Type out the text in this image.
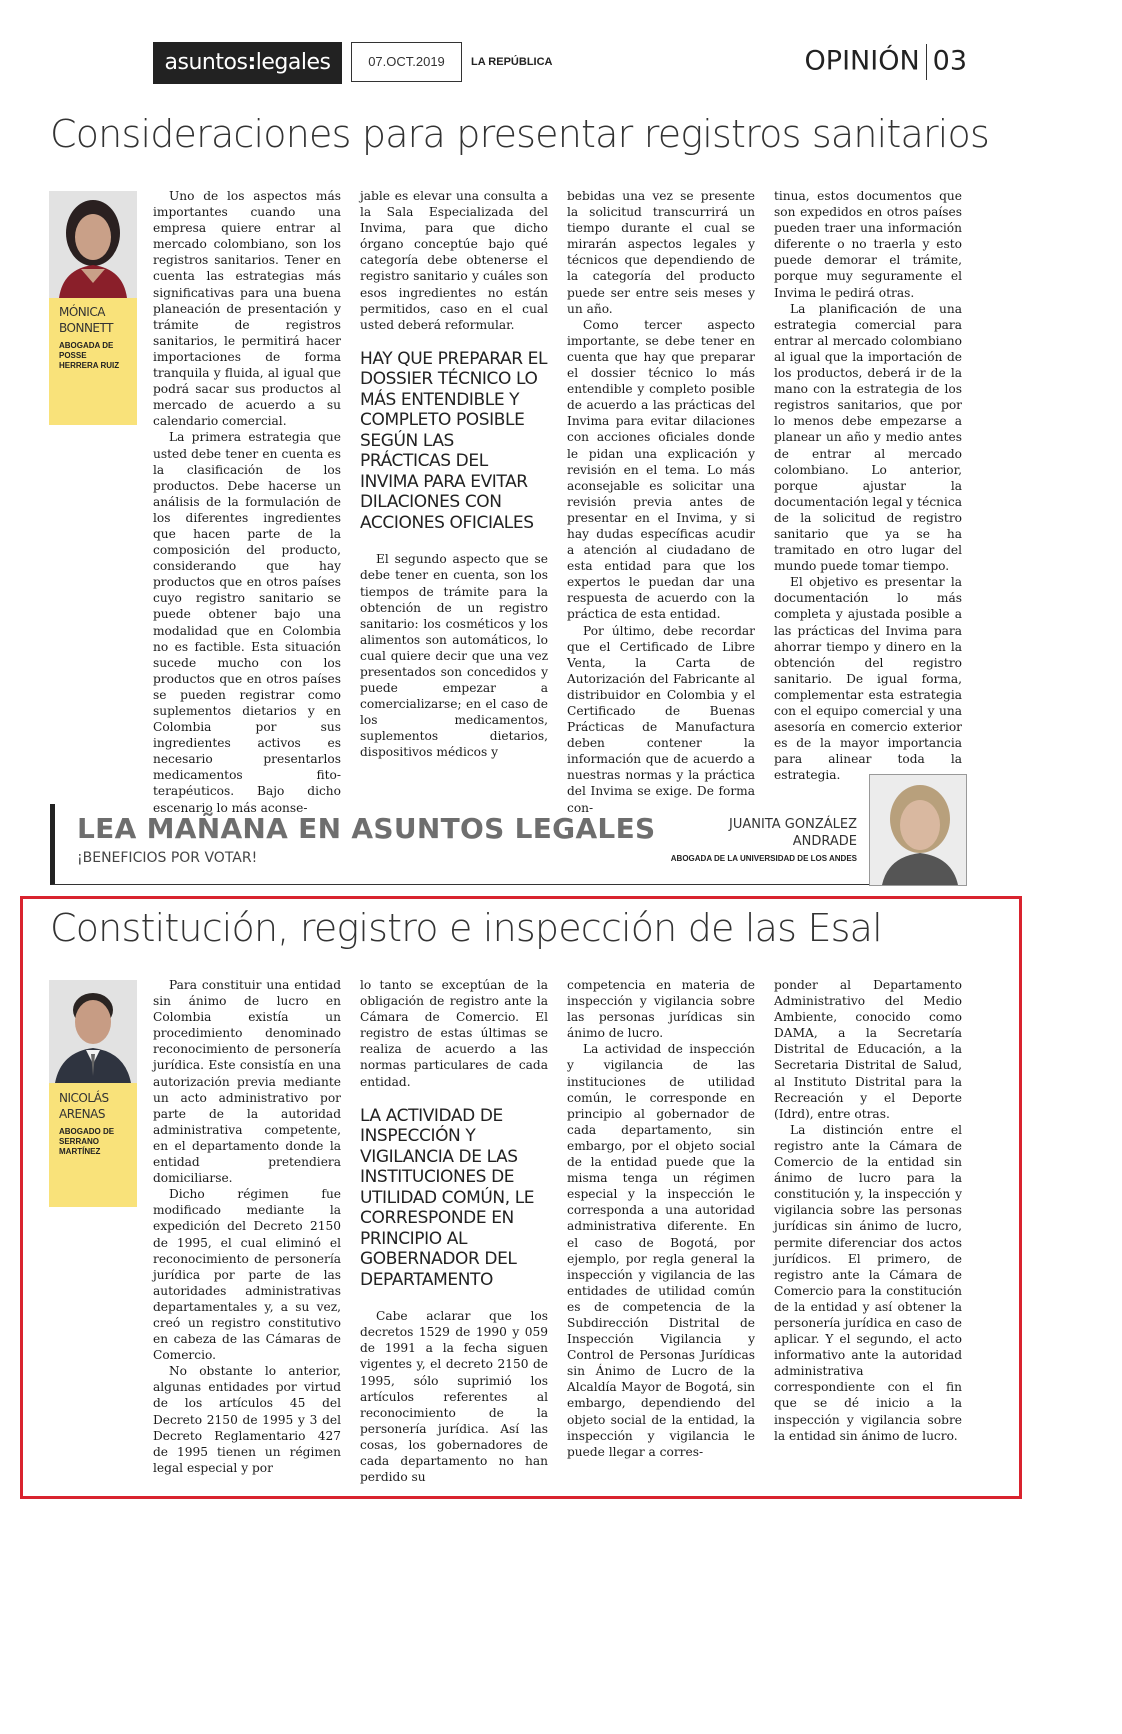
asuntos:legales	07.OCT.2019	LA REPÚBLICA	OPINIÓN 03
Consideraciones para presentar registros sanitarios
MÓNICA
BONNETT
ABOGADA DE POSSE HERRERA RUIZ

Uno de los aspectos más importantes cuando una empresa quiere entrar al mercado colombiano, son los registros sanitarios. Tener en cuenta las estrategias más significativas para una buena planeación de presentación y trámite de registros sanitarios, le permitirá hacer importaciones de forma tranquila y fluida, al igual que podrá sacar sus productos al mercado de acuerdo a su calendario comercial.

La primera estrategia que usted debe tener en cuenta es la clasificación de los productos. Debe hacerse un análisis de la formulación de los diferentes ingredientes que hacen parte de la composición del producto, considerando que hay productos que en otros países cuyo registro sanitario se puede obtener bajo una modalidad que en Colombia no es factible. Esta situación sucede mucho con los productos que en otros países se pueden registrar como suplementos dietarios y en Colombia por sus ingredientes activos es necesario presentarlos medicamentos fito-terapéuticos. Bajo dicho escenario lo más aconse-

jable es elevar una consulta a la Sala Especializada del Invima, para que dicho órgano conceptúe bajo qué categoría debe obtenerse el registro sanitario y cuáles son esos ingredientes no están permitidos, caso en el cual usted deberá reformular.

HAY QUE PREPARAR EL DOSSIER TÉCNICO LO MÁS ENTENDIBLE Y COMPLETO POSIBLE SEGÚN LAS PRÁCTICAS DEL INVIMA PARA EVITAR DILACIONES CON ACCIONES OFICIALES

El segundo aspecto que se debe tener en cuenta, son los tiempos de trámite para la obtención de un registro sanitario: los cosméticos y los alimentos son automáticos, lo cual quiere decir que una vez presentados son concedidos y puede empezar a comercializarse; en el caso de los medicamentos, suplementos dietarios, dispositivos médicos y

bebidas una vez se presente la solicitud transcurrirá un tiempo durante el cual se mirarán aspectos legales y técnicos que dependiendo de la categoría del producto puede ser entre seis meses y un año.

Como tercer aspecto importante, se debe tener en cuenta que hay que preparar el dossier técnico lo más entendible y completo posible de acuerdo a las prácticas del Invima para evitar dilaciones con acciones oficiales donde le pidan una explicación y revisión en el tema. Lo más aconsejable es solicitar una revisión previa antes de presentar en el Invima, y si hay dudas específicas acudir a atención al ciudadano de esta entidad para que los expertos le puedan dar una respuesta de acuerdo con la práctica de esta entidad.

Por último, debe recordar que el Certificado de Libre Venta, la Carta de Autorización del Fabricante al distribuidor en Colombia y el Certificado de Buenas Prácticas de Manufactura deben contener la información que de acuerdo a nuestras normas y la práctica del Invima se exige. De forma con-

tinua, estos documentos que son expedidos en otros países pueden traer una información diferente o no traerla y esto puede demorar el trámite, porque muy seguramente el Invima le pedirá otras.

La planificación de una estrategia comercial para entrar al mercado colombiano al igual que la importación de los productos, deberá ir de la mano con la estrategia de los registros sanitarios, que por lo menos debe empezarse a planear un año y medio antes de entrar al mercado colombiano. Lo anterior, porque ajustar la documentación legal y técnica de la solicitud de registro sanitario que ya se ha tramitado en otro lugar del mundo puede tomar tiempo.

El objetivo es presentar la documentación lo más completa y ajustada posible a las prácticas del Invima para ahorrar tiempo y dinero en la obtención del registro sanitario. De igual forma, complementar esta estrategia con el equipo comercial y una asesoría en comercio exterior es de la mayor importancia para alinear toda la estrategia.

LEA MAÑANA EN ASUNTOS LEGALES
¡BENEFICIOS POR VOTAR!
JUANITA GONZÁLEZ
ANDRADE
ABOGADA DE LA UNIVERSIDAD DE LOS ANDES
Constitución, registro e inspección de las Esal
NICOLÁS
ARENAS
ABOGADO DE SERRANO MARTÍNEZ

Para constituir una entidad sin ánimo de lucro en Colombia existía un procedimiento denominado reconocimiento de personería jurídica. Este consistía en una autorización previa mediante un acto administrativo por parte de la autoridad administrativa competente, en el departamento donde la entidad pretendiera domiciliarse.

Dicho régimen fue modificado mediante la expedición del Decreto 2150 de 1995, el cual eliminó el reconocimiento de personería jurídica por parte de las autoridades administrativas departamentales y, a su vez, creó un registro constitutivo en cabeza de las Cámaras de Comercio.

No obstante lo anterior, algunas entidades por virtud de los artículos 45 del Decreto 2150 de 1995 y 3 del Decreto Reglamentario 427 de 1995 tienen un régimen legal especial y por

lo tanto se exceptúan de la obligación de registro ante la Cámara de Comercio. El registro de estas últimas se realiza de acuerdo a las normas particulares de cada entidad.

LA ACTIVIDAD DE INSPECCIÓN Y VIGILANCIA DE LAS INSTITUCIONES DE UTILIDAD COMÚN, LE CORRESPONDE EN PRINCIPIO AL GOBERNADOR DEL DEPARTAMENTO

Cabe aclarar que los decretos 1529 de 1990 y 059 de 1991 a la fecha siguen vigentes y, el decreto 2150 de 1995, sólo suprimió los artículos referentes al reconocimiento de la personería jurídica. Así las cosas, los gobernadores de cada departamento no han perdido su

competencia en materia de inspección y vigilancia sobre las personas jurídicas sin ánimo de lucro.

La actividad de inspección y vigilancia de las instituciones de utilidad común, le corresponde en principio al gobernador de cada departamento, sin embargo, por el objeto social de la entidad puede que la misma tenga un régimen especial y la inspección le corresponda a una autoridad administrativa diferente. En el caso de Bogotá, por ejemplo, por regla general la inspección y vigilancia de las entidades de utilidad común es de competencia de la Subdirección Distrital de Inspección Vigilancia y Control de Personas Jurídicas sin Ánimo de Lucro de la Alcaldía Mayor de Bogotá, sin embargo, dependiendo del objeto social de la entidad, la inspección y vigilancia le puede llegar a corres-

ponder al Departamento Administrativo del Medio Ambiente, conocido como DAMA, a la Secretaría Distrital de Educación, a la Secretaria Distrital de Salud, al Instituto Distrital para la Recreación y el Deporte (Idrd), entre otras.

La distinción entre el registro ante la Cámara de Comercio de la entidad sin ánimo de lucro para la constitución y, la inspección y vigilancia sobre las personas jurídicas sin ánimo de lucro, permite diferenciar dos actos jurídicos. El primero, de registro ante la Cámara de Comercio para la constitución de la entidad y así obtener la personería jurídica en caso de aplicar. Y el segundo, el acto informativo ante la autoridad administrativa correspondiente con el fin que se dé inicio a la inspección y vigilancia sobre la entidad sin ánimo de lucro.
